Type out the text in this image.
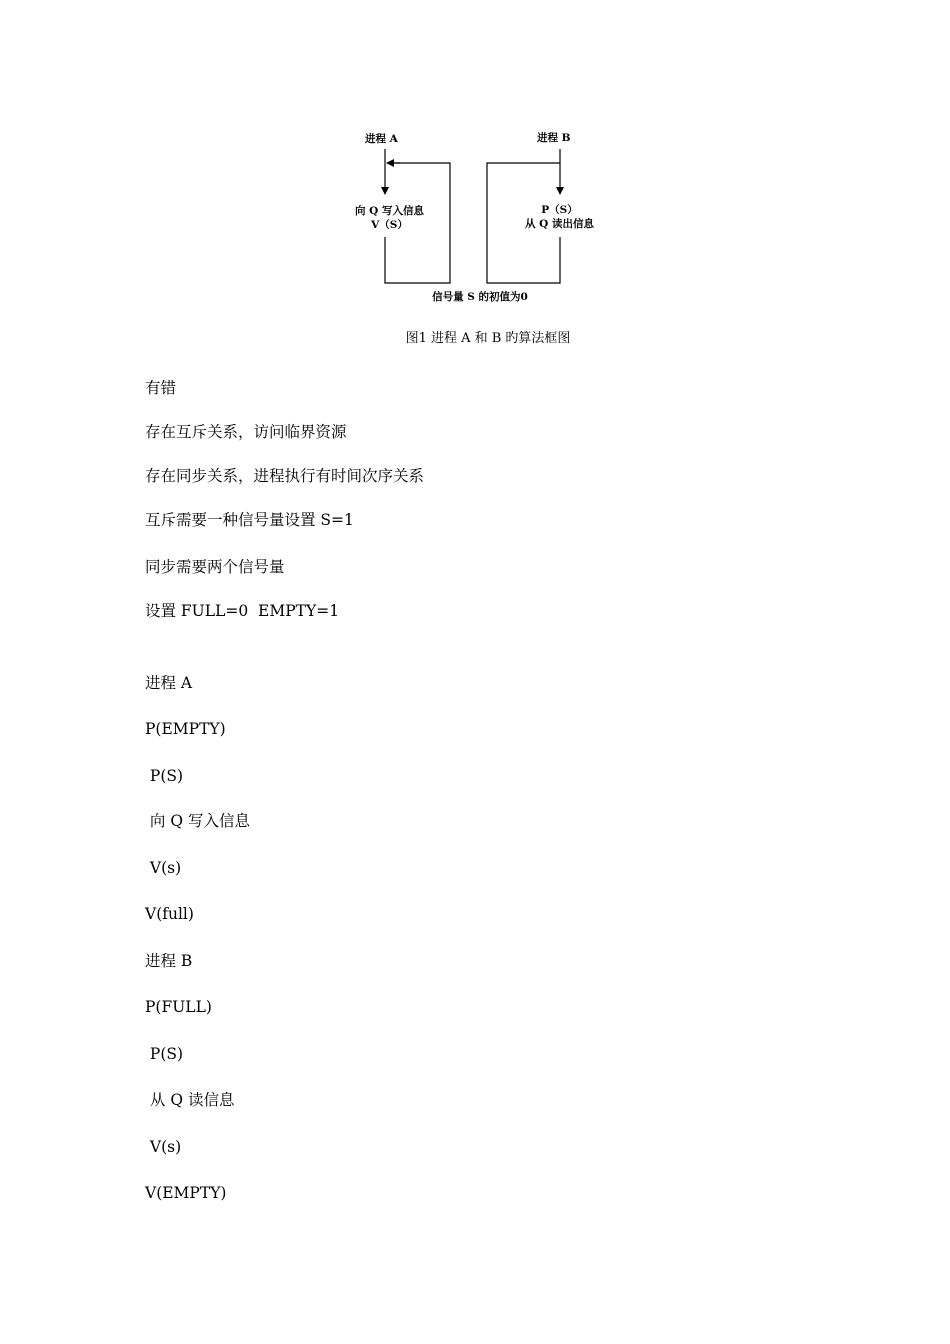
进程 A	进程 B
向 Q 写入信息
V（S）
P（S）
从 Q 读出信息
信号量 S 的初值为0
图1 进程 A 和 B 旳算法框图
有错
存在互斥关系，访问临界资源
存在同步关系，进程执行有时间次序关系
互斥需要一种信号量设置 S=1
同步需要两个信号量
设置 FULL=0  EMPTY=1
进程 A
P(EMPTY)
P(S)
向 Q 写入信息
V(s)
V(full)
进程 B
P(FULL)
P(S)
从 Q 读信息
V(s)
V(EMPTY)
